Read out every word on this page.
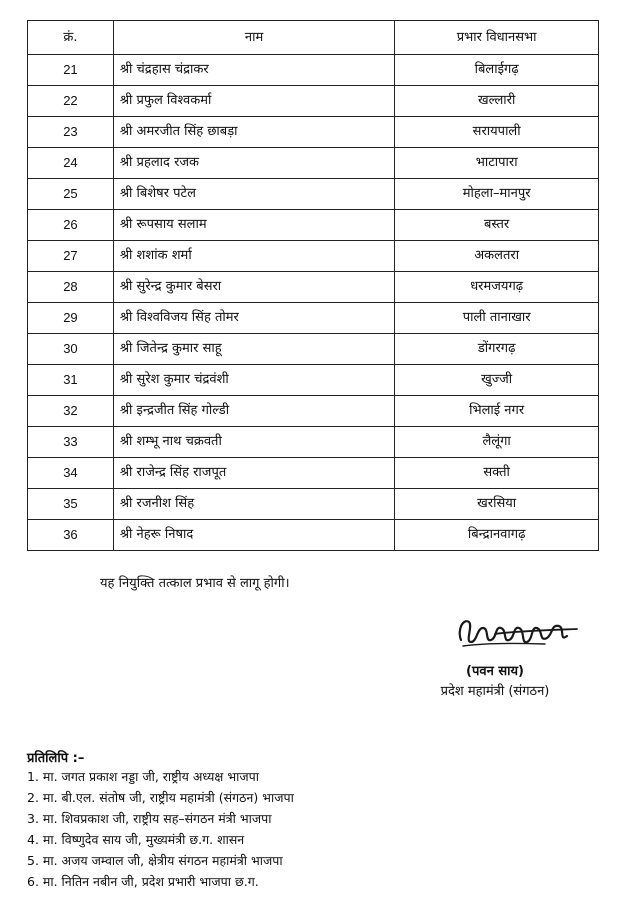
क्रं.	नाम	प्रभार विधानसभा
21	श्री चंद्रहास चंद्राकर	बिलाईगढ़
22	श्री प्रफुल विश्वकर्मा	खल्लारी
23	श्री अमरजीत सिंह छाबड़ा	सरायपाली
24	श्री प्रहलाद रजक	भाटापारा
25	श्री बिशेषर पटेल	मोहला–मानपुर
26	श्री रूपसाय सलाम	बस्तर
27	श्री शशांक शर्मा	अकलतरा
28	श्री सुरेन्द्र कुमार बेसरा	धरमजयगढ़
29	श्री विश्वविजय सिंह तोमर	पाली तानाखार
30	श्री जितेन्द्र कुमार साहू	डोंगरगढ़
31	श्री सुरेश कुमार चंद्रवंशी	खुज्जी
32	श्री इन्द्रजीत सिंह गोल्डी	भिलाई नगर
33	श्री शम्भू नाथ चक्रवती	लैलूंगा
34	श्री राजेन्द्र सिंह राजपूत	सक्ती
35	श्री रजनीश सिंह	खरसिया
36	श्री नेहरू निषाद	बिन्द्रानवागढ़
यह नियुक्ति तत्काल प्रभाव से लागू होगी।
(पवन साय)
प्रदेश महामंत्री (संगठन)
प्रतिलिपि :–
1. मा. जगत प्रकाश नड्डा जी, राष्ट्रीय अध्यक्ष भाजपा
2. मा. बी.एल. संतोष जी, राष्ट्रीय महामंत्री (संगठन) भाजपा
3. मा. शिवप्रकाश जी, राष्ट्रीय सह–संगठन मंत्री भाजपा
4. मा. विष्णुदेव साय जी, मुख्यमंत्री छ.ग. शासन
5. मा. अजय जम्वाल जी, क्षेत्रीय संगठन महामंत्री भाजपा
6. मा. नितिन नबीन जी, प्रदेश प्रभारी भाजपा छ.ग.
